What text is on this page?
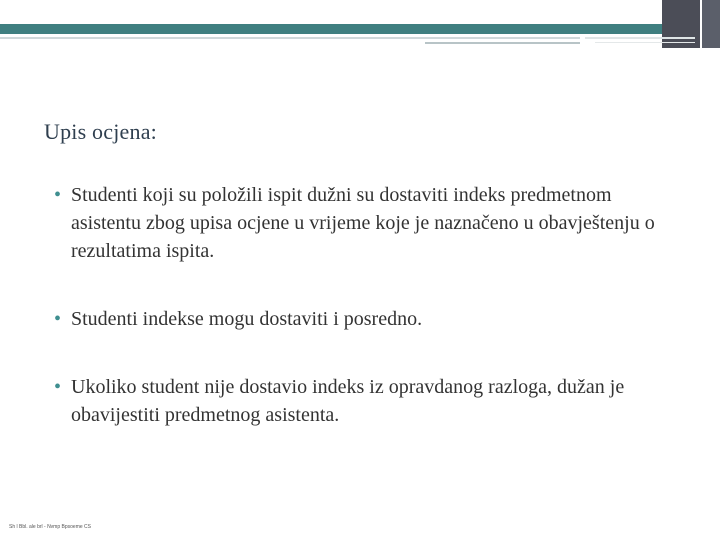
Upis ocjena:
• Studenti koji su položili ispit dužni su dostaviti indeks predmetnom asistentu zbog upisa ocjene u vrijeme koje je naznačeno u obavještenju o rezultatima ispita.
• Studenti indekse mogu dostaviti i posredno.
• Ukoliko student nije dostavio indeks iz opravdanog razloga, dužan je obavijestiti predmetnog asistenta.
Sh l Bbl. ale brl - Nvmp Bpsoeme CS
